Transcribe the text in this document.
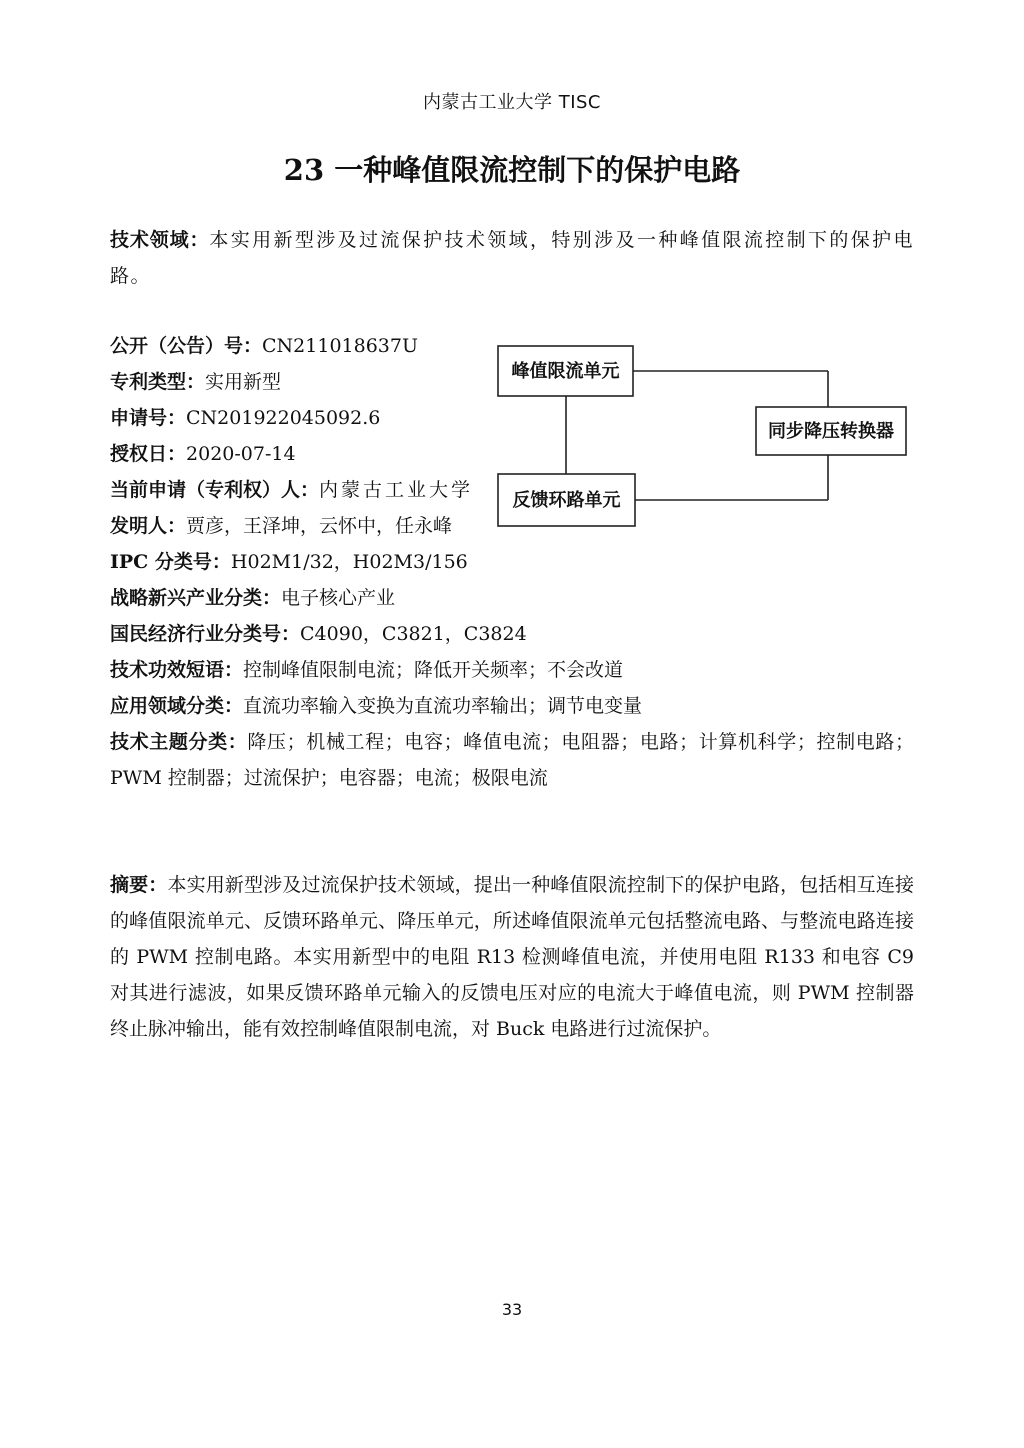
内蒙古工业大学 TISC
23 一种峰值限流控制下的保护电路
技术领域：本实用新型涉及过流保护技术领域，特别涉及一种峰值限流控制下的保护电路。
公开（公告）号：CN211018637U
专利类型：实用新型
申请号：CN201922045092.6
授权日：2020-07-14
当前申请（专利权）人：内蒙古工业大学
发明人：贾彦，王泽坤，云怀中，任永峰
IPC 分类号：H02M1/32，H02M3/156
战略新兴产业分类：电子核心产业
国民经济行业分类号：C4090，C3821，C3824
技术功效短语：控制峰值限制电流；降低开关频率；不会改道
应用领域分类：直流功率输入变换为直流功率输出；调节电变量
技术主题分类：降压；机械工程；电容；峰值电流；电阻器；电路；计算机科学；控制电路；PWM 控制器；过流保护；电容器；电流；极限电流
峰值限流单元
同步降压转换器
反馈环路单元
摘要：本实用新型涉及过流保护技术领域，提出一种峰值限流控制下的保护电路，包括相互连接的峰值限流单元、反馈环路单元、降压单元，所述峰值限流单元包括整流电路、与整流电路连接的 PWM 控制电路。本实用新型中的电阻 R13 检测峰值电流，并使用电阻 R133 和电容 C9 对其进行滤波，如果反馈环路单元输入的反馈电压对应的电流大于峰值电流，则 PWM 控制器终止脉冲输出，能有效控制峰值限制电流，对 Buck 电路进行过流保护。
33
